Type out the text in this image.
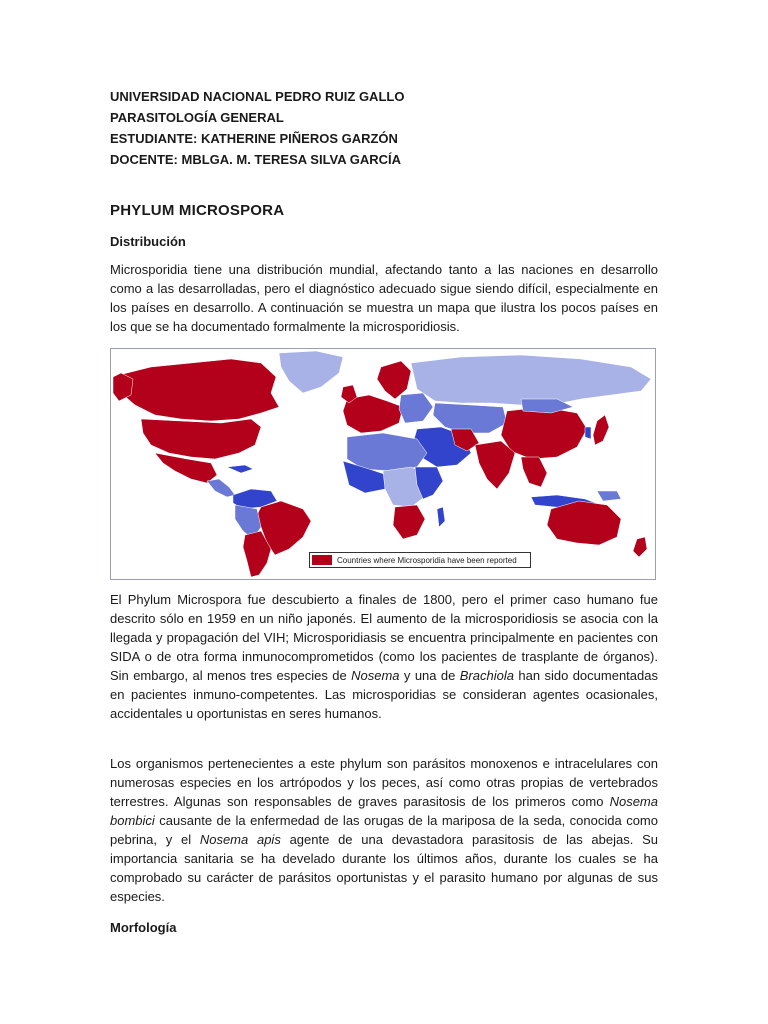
UNIVERSIDAD NACIONAL PEDRO RUIZ GALLO
PARASITOLOGÍA GENERAL
ESTUDIANTE: KATHERINE PIÑEROS GARZÓN
DOCENTE: MBLGA. M. TERESA SILVA GARCÍA
PHYLUM MICROSPORA
Distribución

Microsporidia tiene una distribución mundial, afectando tanto a las naciones en desarrollo como a las desarrolladas, pero el diagnóstico adecuado sigue siendo difícil, especialmente en los países en desarrollo. A continuación se muestra un mapa que ilustra los pocos países en los que se ha documentado formalmente la microsporidiosis.

Countries where Microsporidia have been reported

El Phylum Microspora fue descubierto a finales de 1800, pero el primer caso humano fue descrito sólo en 1959 en un niño japonés. El aumento de la microsporidiosis se asocia con la llegada y propagación del VIH; Microsporidiasis se encuentra principalmente en pacientes con SIDA o de otra forma inmunocomprometidos (como los pacientes de trasplante de órganos). Sin embargo, al menos tres especies de Nosema y una de Brachiola han sido documentadas en pacientes inmuno-competentes. Las microsporidias se consideran agentes ocasionales, accidentales u oportunistas en seres humanos.

Los organismos pertenecientes a este phylum son parásitos monoxenos e intracelulares con numerosas especies en los artrópodos y los peces, así como otras propias de vertebrados terrestres. Algunas son responsables de graves parasitosis de los primeros como Nosema bombici causante de la enfermedad de las orugas de la mariposa de la seda, conocida como pebrina, y el Nosema apis agente de una devastadora parasitosis de las abejas. Su importancia sanitaria se ha develado durante los últimos años, durante los cuales se ha comprobado su carácter de parásitos oportunistas y el parasito humano por algunas de sus especies.

Morfología
